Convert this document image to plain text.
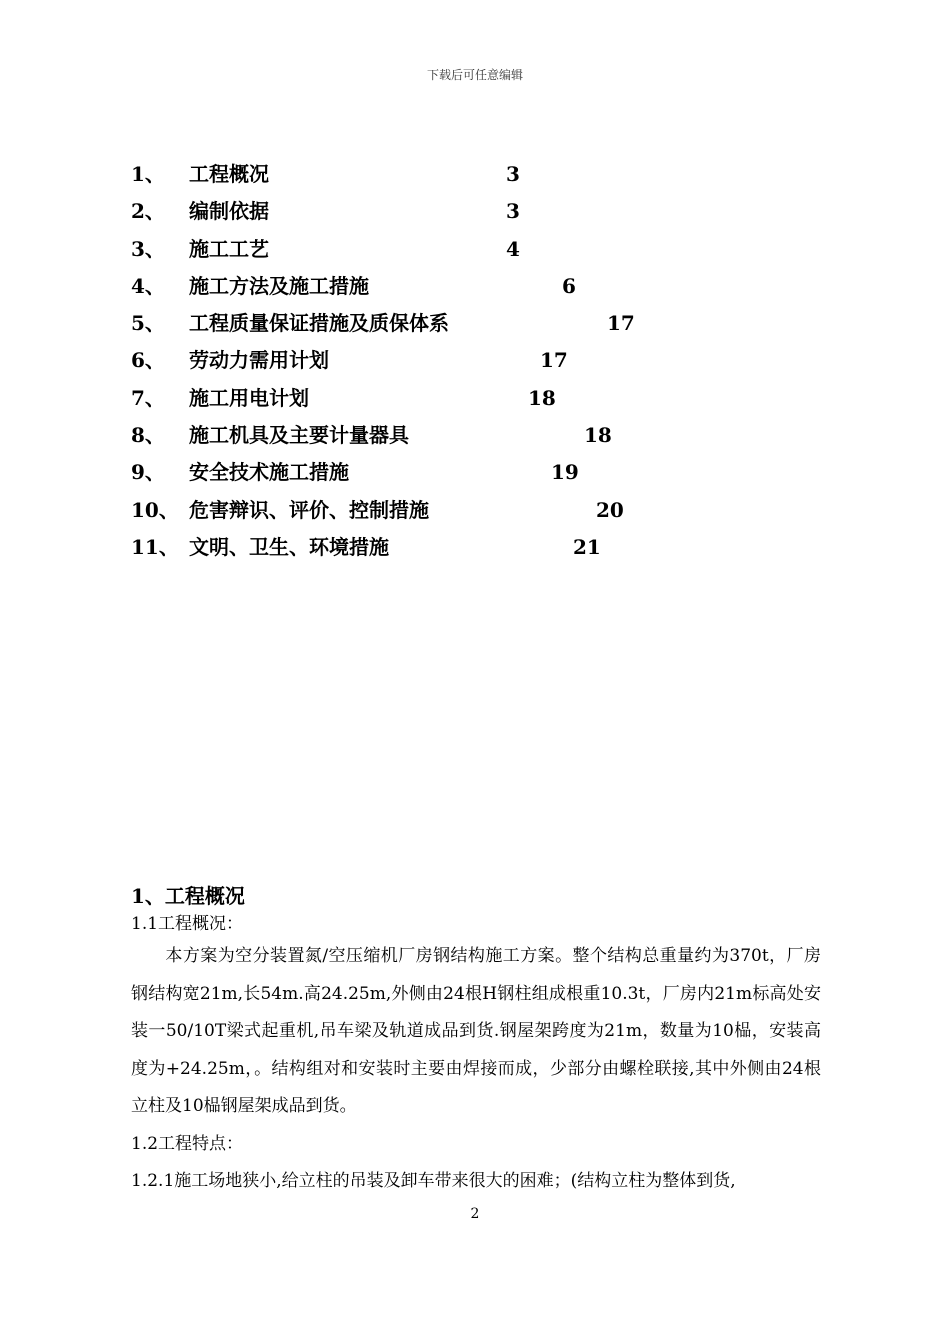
下载后可任意编辑
1、 工程概况	3
2、 编制依据	3
3、 施工工艺	4
4、 施工方法及施工措施	6
5、 工程质量保证措施及质保体系	17
6、 劳动力需用计划	17
7、 施工用电计划	18
8、 施工机具及主要计量器具	18
9、 安全技术施工措施	19
10、 危害辩识、评价、控制措施	20
11、 文明、卫生、环境措施	21
1、工程概况
1.1工程概况：
本方案为空分装置氮/空压缩机厂房钢结构施工方案。整个结构总重量约为370t，厂房钢结构宽21m,长54m.高24.25m,外侧由24根H钢柱组成根重10.3t，厂房内21m标高处安装一50/10T梁式起重机,吊车梁及轨道成品到货.钢屋架跨度为21m，数量为10榀，安装高度为+24.25m，。结构组对和安装时主要由焊接而成，少部分由螺栓联接,其中外侧由24根立柱及10榀钢屋架成品到货。
1.2工程特点：
1.2.1施工场地狭小,给立柱的吊装及卸车带来很大的困难；(结构立柱为整体到货,
2
